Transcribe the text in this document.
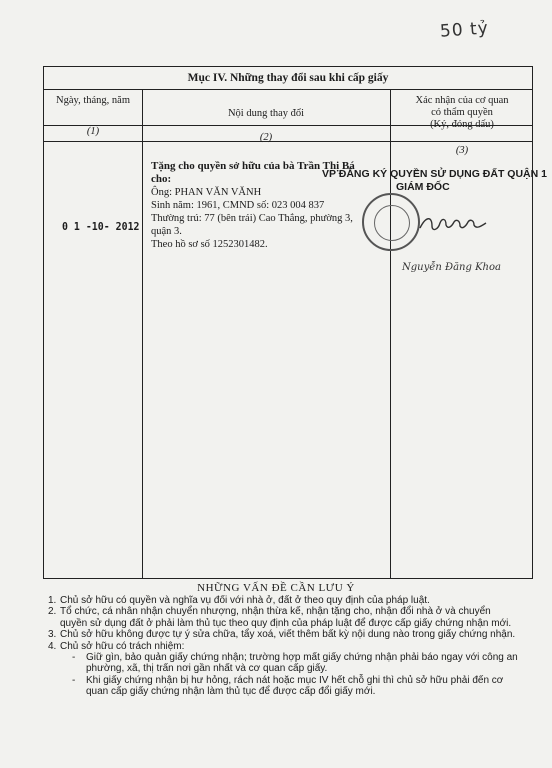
50 tỷ
Mục IV. Những thay đổi sau khi cấp giấy
Ngày, tháng, năm
Nội dung thay đổi
Xác nhận của cơ quan
có thẩm quyền
(Ký, đóng dấu)
(1)
(2)
(3)
0 1 -10- 2012
Tặng cho quyền sở hữu của bà Trần Thị Bá
cho:
Ông: PHAN VĂN VĂNH
Sinh năm: 1961, CMND số: 023 004 837
Thường trú: 77 (bên trái) Cao Thắng, phường 3,
quận 3.
Theo hồ sơ số 1252301482.
VP ĐĂNG KÝ QUYỀN SỬ DỤNG ĐẤT QUẬN 1
GIÁM ĐỐC
Nguyễn Đăng Khoa
NHỮNG VẤN ĐỀ CẦN LƯU Ý
1. Chủ sở hữu có quyền và nghĩa vụ đối với nhà ở, đất ở theo quy định của pháp luật.
2. Tổ chức, cá nhân nhận chuyển nhượng, nhận thừa kế, nhận tặng cho, nhận đổi nhà ở và chuyển quyền sử dụng đất ở phải làm thủ tục theo quy định của pháp luật để được cấp giấy chứng nhận mới.
3. Chủ sở hữu không được tự ý sửa chữa, tẩy xoá, viết thêm bất kỳ nội dung nào trong giấy chứng nhận.
4. Chủ sở hữu có trách nhiệm:
-	Giữ gìn, bảo quản giấy chứng nhận; trường hợp mất giấy chứng nhận phải báo ngay với công an phường, xã, thị trấn nơi gần nhất và cơ quan cấp giấy.
-	Khi giấy chứng nhận bị hư hỏng, rách nát hoặc mục IV hết chỗ ghi thì chủ sở hữu phải đến cơ quan cấp giấy chứng nhận làm thủ tục để được cấp đổi giấy mới.
